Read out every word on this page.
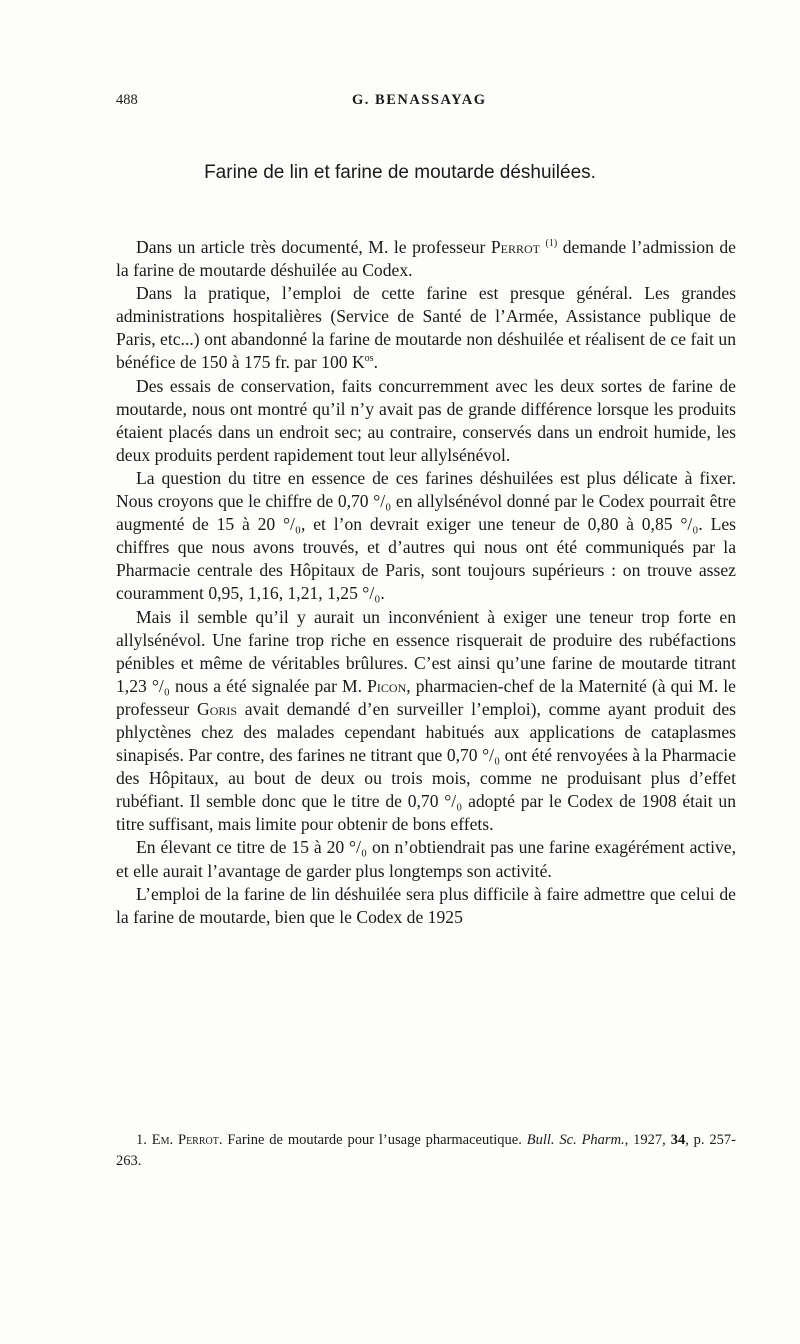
488	G. BENASSAYAG
Farine de lin et farine de moutarde déshuilées.

Dans un article très documenté, M. le professeur Perrot $^{(1)}$ demande l’admission de la farine de moutarde déshuilée au Codex.

Dans la pratique, l’emploi de cette farine est presque général. Les grandes administrations hospitalières (Service de Santé de l’Armée, Assistance publique de Paris, etc...) ont abandonné la farine de moutarde non déshuilée et réalisent de ce fait un bénéfice de 150 à 175 fr. par 100 $K^{os}$.

Des essais de conservation, faits concurremment avec les deux sortes de farine de moutarde, nous ont montré qu’il n’y avait pas de grande différence lorsque les produits étaient placés dans un endroit sec; au contraire, conservés dans un endroit humide, les deux produits perdent rapidement tout leur allylsénévol.

La question du titre en essence de ces farines déshuilées est plus délicate à fixer. Nous croyons que le chiffre de 0,70 °/₀ en allylsénévol donné par le Codex pourrait être augmenté de 15 à 20 °/₀, et l’on devrait exiger une teneur de 0,80 à 0,85 °/₀. Les chiffres que nous avons trouvés, et d’autres qui nous ont été communiqués par la Pharmacie centrale des Hôpitaux de Paris, sont toujours supérieurs : on trouve assez couramment 0,95, 1,16, 1,21, 1,25 °/₀.

Mais il semble qu’il y aurait un inconvénient à exiger une teneur trop forte en allylsénévol. Une farine trop riche en essence risquerait de produire des rubéfactions pénibles et même de véritables brûlures. C’est ainsi qu’une farine de moutarde titrant 1,23 °/₀ nous a été signalée par M. Picon, pharmacien-chef de la Maternité (à qui M. le professeur Goris avait demandé d’en surveiller l’emploi), comme ayant produit des phlyctènes chez des malades cependant habitués aux applications de cataplasmes sinapisés. Par contre, des farines ne titrant que 0,70 °/₀ ont été renvoyées à la Pharmacie des Hôpitaux, au bout de deux ou trois mois, comme ne produisant plus d’effet rubéfiant. Il semble donc que le titre de 0,70 °/₀ adopté par le Codex de 1908 était un titre suffisant, mais limite pour obtenir de bons effets.

En élevant ce titre de 15 à 20 °/₀ on n’obtiendrait pas une farine exagérément active, et elle aurait l’avantage de garder plus longtemps son activité.

L’emploi de la farine de lin déshuilée sera plus difficile à faire admettre que celui de la farine de moutarde, bien que le Codex de 1925

1. Em. Perrot. Farine de moutarde pour l’usage pharmaceutique. Bull. Sc. Pharm., 1927, 34, p. 257-263.
